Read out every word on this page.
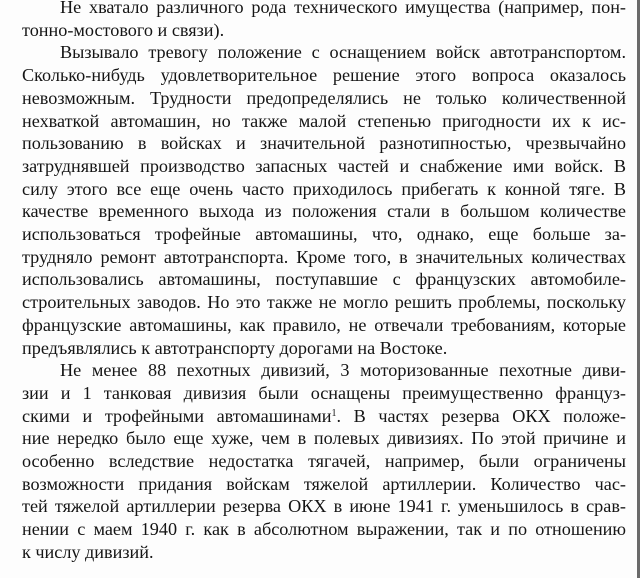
Не хватало различного рода технического имущества (например, пон-
тонно-мостового и связи).
Вызывало тревогу положение с оснащением войск автотранспортом.
Сколько-нибудь удовлетворительное решение этого вопроса оказалось
невозможным. Трудности предопределялись не только количественной
нехваткой автомашин, но также малой степенью пригодности их к ис-
пользованию в войсках и значительной разнотипностью, чрезвычайно
затруднявшей производство запасных частей и снабжение ими войск. В
силу этого все еще очень часто приходилось прибегать к конной тяге. В
качестве временного выхода из положения стали в большом количестве
использоваться трофейные автомашины, что, однако, еще больше за-
трудняло ремонт автотранспорта. Кроме того, в значительных количествах
использовались автомашины, поступавшие с французских автомобиле-
строительных заводов. Но это также не могло решить проблемы, поскольку
французские автомашины, как правило, не отвечали требованиям, которые
предъявлялись к автотранспорту дорогами на Востоке.
Не менее 88 пехотных дивизий, 3 моторизованные пехотные диви-
зии и 1 танковая дивизия были оснащены преимущественно француз-
скими и трофейными автомашинами$^1$. В частях резерва ОКХ положе-
ние нередко было еще хуже, чем в полевых дивизиях. По этой причине и
особенно вследствие недостатка тягачей, например, были ограничены
возможности придания войскам тяжелой артиллерии. Количество час-
тей тяжелой артиллерии резерва ОКХ в июне 1941 г. уменьшилось в срав-
нении с маем 1940 г. как в абсолютном выражении, так и по отношению
к числу дивизий.
